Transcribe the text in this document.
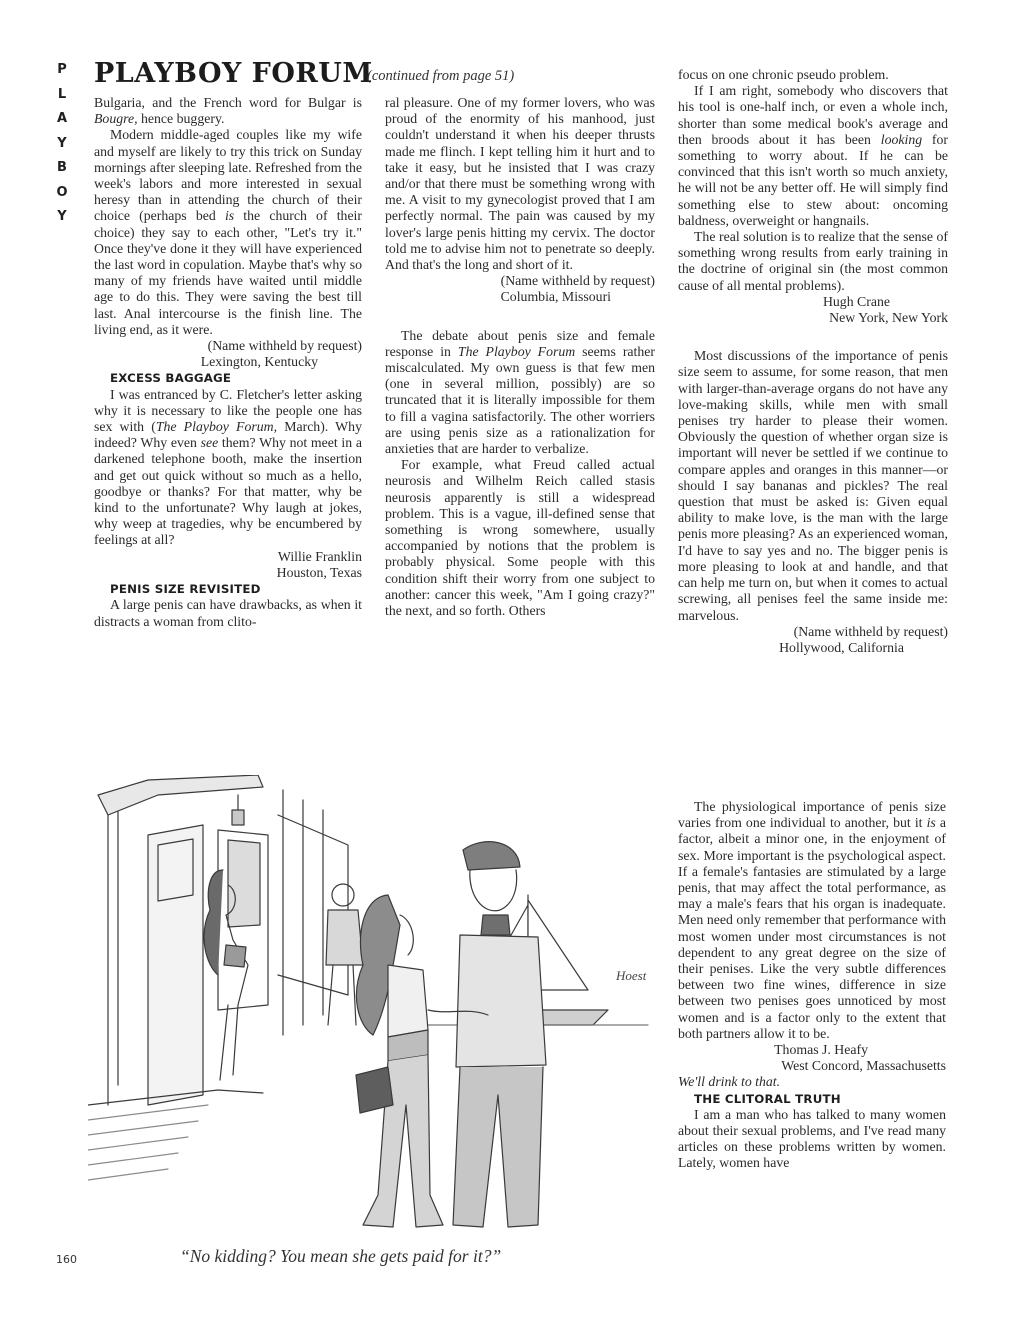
P
L
A
Y
B
O
Y
PLAYBOY FORUM
(continued from page 51)

Bulgaria, and the French word for Bulgar is Bougre, hence buggery.

Modern middle-aged couples like my wife and myself are likely to try this trick on Sunday mornings after sleeping late. Refreshed from the week's labors and more interested in sexual heresy than in attending the church of their choice (perhaps bed is the church of their choice) they say to each other, "Let's try it." Once they've done it they will have experienced the last word in copulation. Maybe that's why so many of my friends have waited until middle age to do this. They were saving the best till last. Anal intercourse is the finish line. The living end, as it were.

(Name withheld by request)

Lexington, Kentucky

EXCESS BAGGAGE

I was entranced by C. Fletcher's letter asking why it is necessary to like the people one has sex with (The Playboy Forum, March). Why indeed? Why even see them? Why not meet in a darkened telephone booth, make the insertion and get out quick without so much as a hello, goodbye or thanks? For that matter, why be kind to the unfortunate? Why laugh at jokes, why weep at tragedies, why be encumbered by feelings at all?

Willie Franklin

Houston, Texas

PENIS SIZE REVISITED

A large penis can have drawbacks, as when it distracts a woman from clito-

ral pleasure. One of my former lovers, who was proud of the enormity of his manhood, just couldn't understand it when his deeper thrusts made me flinch. I kept telling him it hurt and to take it easy, but he insisted that I was crazy and/or that there must be something wrong with me. A visit to my gynecologist proved that I am perfectly normal. The pain was caused by my lover's large penis hitting my cervix. The doctor told me to advise him not to penetrate so deeply. And that's the long and short of it.

(Name withheld by request)

Columbia, Missouri

The debate about penis size and female response in The Playboy Forum seems rather miscalculated. My own guess is that few men (one in several million, possibly) are so truncated that it is literally impossible for them to fill a vagina satisfactorily. The other worriers are using penis size as a rationalization for anxieties that are harder to verbalize.

For example, what Freud called actual neurosis and Wilhelm Reich called stasis neurosis apparently is still a widespread problem. This is a vague, ill-defined sense that something is wrong somewhere, usually accompanied by notions that the problem is probably physical. Some people with this condition shift their worry from one subject to another: cancer this week, "Am I going crazy?" the next, and so forth. Others

focus on one chronic pseudo problem.

If I am right, somebody who discovers that his tool is one-half inch, or even a whole inch, shorter than some medical book's average and then broods about it has been looking for something to worry about. If he can be convinced that this isn't worth so much anxiety, he will not be any better off. He will simply find something else to stew about: oncoming baldness, overweight or hangnails.

The real solution is to realize that the sense of something wrong results from early training in the doctrine of original sin (the most common cause of all mental problems).

Hugh Crane

New York, New York

Most discussions of the importance of penis size seem to assume, for some reason, that men with larger-than-average organs do not have any love-making skills, while men with small penises try harder to please their women. Obviously the question of whether organ size is important will never be settled if we continue to compare apples and oranges in this manner—or should I say bananas and pickles? The real question that must be asked is: Given equal ability to make love, is the man with the large penis more pleasing? As an experienced woman, I'd have to say yes and no. The bigger penis is more pleasing to look at and handle, and that can help me turn on, but when it comes to actual screwing, all penises feel the same inside me: marvelous.

(Name withheld by request)

Hollywood, California

The physiological importance of penis size varies from one individual to another, but it is a factor, albeit a minor one, in the enjoyment of sex. More important is the psychological aspect. If a female's fantasies are stimulated by a large penis, that may affect the total performance, as may a male's fears that his organ is inadequate. Men need only remember that performance with most women under most circumstances is not dependent to any great degree on the size of their penises. Like the very subtle differences between two fine wines, difference in size between two penises goes unnoticed by most women and is a factor only to the extent that both partners allow it to be.

Thomas J. Heafy

West Concord, Massachusetts

We'll drink to that.

THE CLITORAL TRUTH

I am a man who has talked to many women about their sexual problems, and I've read many articles on these problems written by women. Lately, women have

Hoest
“No kidding? You mean she gets paid for it?”
160
